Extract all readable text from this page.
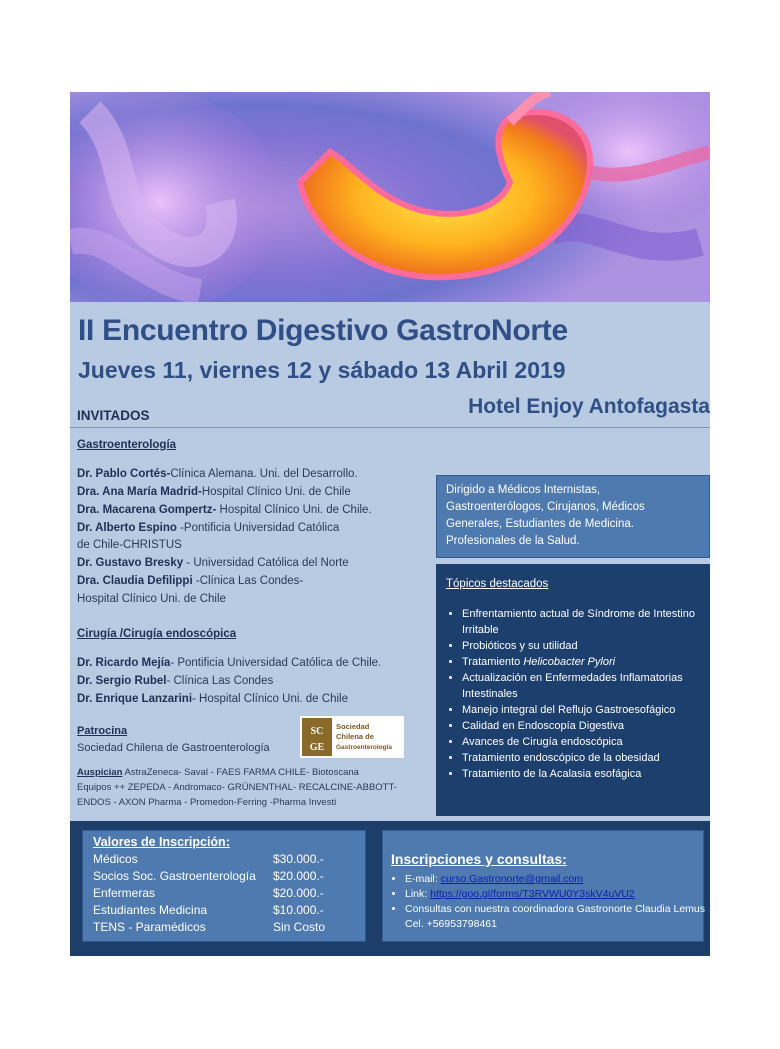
II Encuentro Digestivo GastroNorte
Jueves 11, viernes 12 y sábado 13 Abril 2019
INVITADOS	Hotel Enjoy Antofagasta
Gastroenterología
Dr. Pablo Cortés-Clínica Alemana. Uni. del Desarrollo.
Dra. Ana María Madrid-Hospital Clínico Uni. de Chile
Dra. Macarena Gompertz- Hospital Clínico Uni. de Chile.
Dr. Alberto Espino -Pontificia Universidad Católica
de Chile-CHRISTUS
Dr. Gustavo Bresky - Universidad Católica del Norte
Dra. Claudia Defilippi -Clínica Las Condes-
Hospital Clínico Uni. de Chile
Cirugía /Cirugía endoscópica
Dr. Ricardo Mejía- Pontificia Universidad Católica de Chile.
Dr. Sergio Rubel- Clínica Las Condes
Dr. Enrique Lanzarini- Hospital Clínico Uni. de Chile
Patrocina
Sociedad Chilena de Gastroenterología
SC
GE
Sociedad
Chilena de
Gastroenterología
Auspician AstraZeneca- Saval - FAES FARMA CHILE- Biotoscana
Equipos ++ ZEPEDA - Andromaco- GRÜNENTHAL- RECALCINE-ABBOTT-
ENDOS - AXON Pharma - Promedon-Ferring -Pharma Investi
Dirigido a Médicos Internistas, Gastroenterólogos, Cirujanos, Médicos Generales, Estudiantes de Medicina. Profesionales de la Salud.
Tópicos destacados
• Enfrentamiento actual de Síndrome de Intestino Irritable
• Probióticos y su utilidad
• Tratamiento Helicobacter Pylori
• Actualización en Enfermedades Inflamatorias Intestinales
• Manejo integral del Reflujo Gastroesofágico
• Calidad en Endoscopía Digestiva
• Avances de Cirugía endoscópica
• Tratamiento endoscópico de la obesidad
• Tratamiento de la Acalasia esofágica
Valores de Inscripción:
Médicos	$30.000.-
Socios Soc. Gastroenterología $20.000.-
Enfermeras	$20.000.-
Estudiantes Medicina	$10.000.-
TENS - Paramédicos	Sin Costo
Inscripciones y consultas:
• E-mail: curso.Gastronorte@gmail.com
• Link: https://goo.gl/forms/T3RVWU0Y3skV4uVU2
• Consultas con nuestra coordinadora Gastronorte Claudia Lemus Cel. +56953798461
